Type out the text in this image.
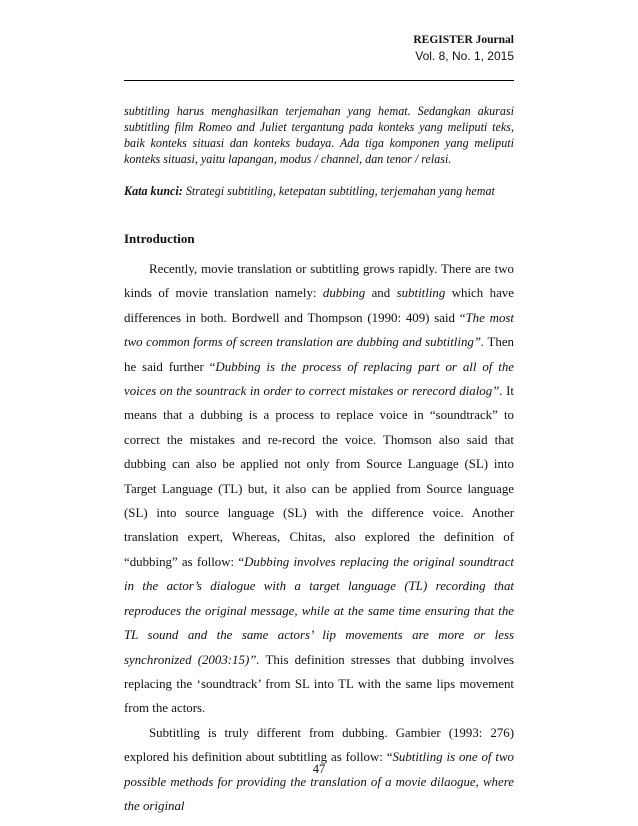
REGISTER Journal
Vol. 8, No. 1, 2015
subtitling harus menghasilkan terjemahan yang hemat. Sedangkan akurasi subtitling film Romeo and Juliet tergantung pada konteks yang meliputi teks, baik konteks situasi dan konteks budaya. Ada tiga komponen yang meliputi konteks situasi, yaitu lapangan, modus / channel, dan tenor / relasi.
Kata kunci: Strategi subtitling, ketepatan subtitling, terjemahan yang hemat
Introduction

Recently, movie translation or subtitling grows rapidly. There are two kinds of movie translation namely: dubbing and subtitling which have differences in both. Bordwell and Thompson (1990: 409) said “The most two common forms of screen translation are dubbing and subtitling”. Then he said further “Dubbing is the process of replacing part or all of the voices on the sountrack in order to correct mistakes or rerecord dialog”. It means that a dubbing is a process to replace voice in “soundtrack” to correct the mistakes and re-record the voice. Thomson also said that dubbing can also be applied not only from Source Language (SL) into Target Language (TL) but, it also can be applied from Source language (SL) into source language (SL) with the difference voice. Another translation expert, Whereas, Chitas, also explored the definition of “dubbing” as follow: “Dubbing involves replacing the original soundtract in the actor’s dialogue with a target language (TL) recording that reproduces the original message, while at the same time ensuring that the TL sound and the same actors’ lip movements are more or less synchronized (2003:15)”. This definition stresses that dubbing involves replacing the ‘soundtrack’ from SL into TL with the same lips movement from the actors.

Subtitling is truly different from dubbing. Gambier (1993: 276) explored his definition about subtitling as follow: “Subtitling is one of two possible methods for providing the translation of a movie dilaogue, where the original

47
